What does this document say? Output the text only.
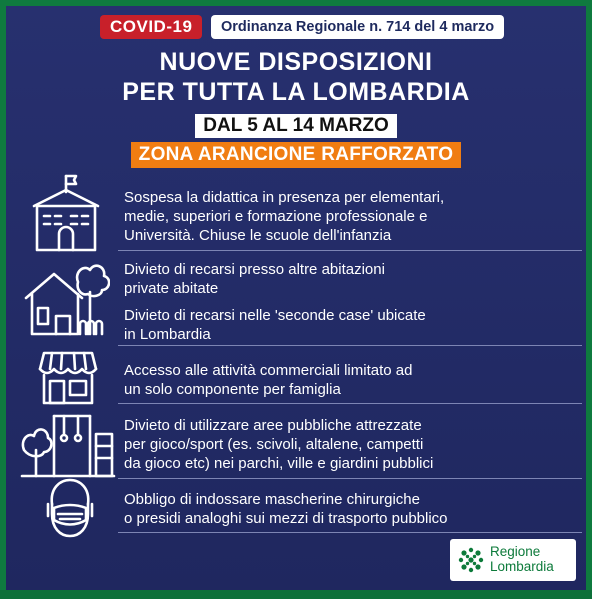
COVID-19	Ordinanza Regionale n. 714 del 4 marzo
NUOVE DISPOSIZIONI
PER TUTTA LA LOMBARDIA
DAL 5 AL 14 MARZO
ZONA ARANCIONE RAFFORZATO
Sospesa la didattica in presenza per elementari,
medie, superiori e formazione professionale e
Università. Chiuse le scuole dell'infanzia
Divieto di recarsi presso altre abitazioni
private abitate
Divieto di recarsi nelle 'seconde case' ubicate
in Lombardia
Accesso alle attività commerciali limitato ad
un solo componente per famiglia
Divieto di utilizzare aree pubbliche attrezzate
per gioco/sport (es. scivoli, altalene, campetti
da gioco etc) nei parchi, ville e giardini pubblici
Obbligo di indossare mascherine chirurgiche
o presidi analoghi sui mezzi di trasporto pubblico
Regione
Lombardia
